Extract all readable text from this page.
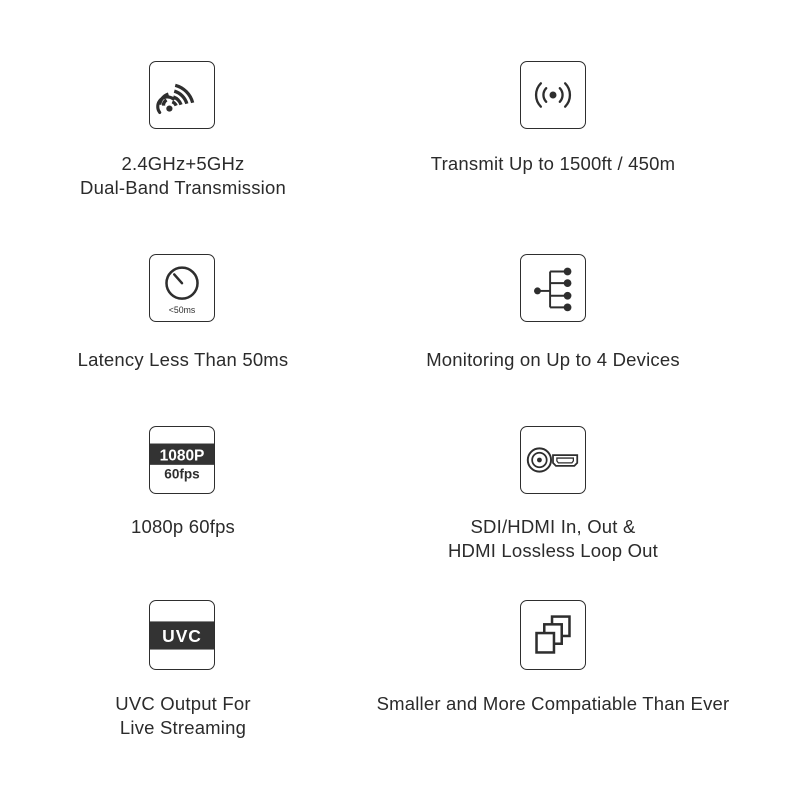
2.4GHz+5GHz
Dual-Band Transmission
Transmit Up to 1500ft / 450m
<50ms
Latency Less Than 50ms	Monitoring on Up to 4 Devices
1080P
60fps
1080p 60fps	SDI/HDMI In, Out &
HDMI Lossless Loop Out
UVC
UVC Output For
Live Streaming
Smaller and More Compatiable Than Ever
